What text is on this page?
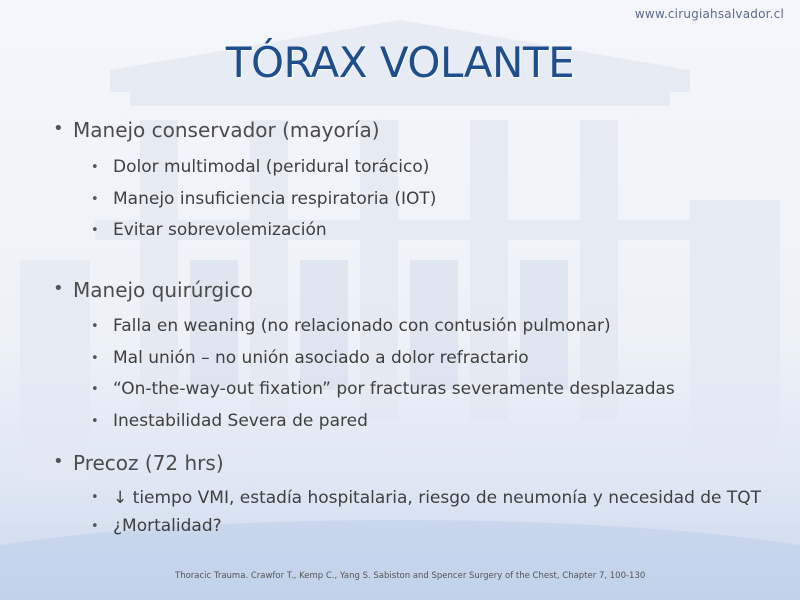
www.cirugiahsalvador.cl
TÓRAX VOLANTE
• Manejo conservador (mayoría)
• Dolor multimodal (peridural torácico)
• Manejo insuficiencia respiratoria (IOT)
• Evitar sobrevolemización
• Manejo quirúrgico
• Falla en weaning (no relacionado con contusión pulmonar)
• Mal unión – no unión asociado a dolor refractario
• “On-the-way-out fixation” por fracturas severamente desplazadas
• Inestabilidad Severa de pared
• Precoz (72 hrs)
• ↓ tiempo VMI, estadía hospitalaria, riesgo de neumonía y necesidad de TQT
• ¿Mortalidad?
Thoracic Trauma. Crawfor T., Kemp C., Yang S. Sabiston and Spencer Surgery of the Chest, Chapter 7, 100-130
